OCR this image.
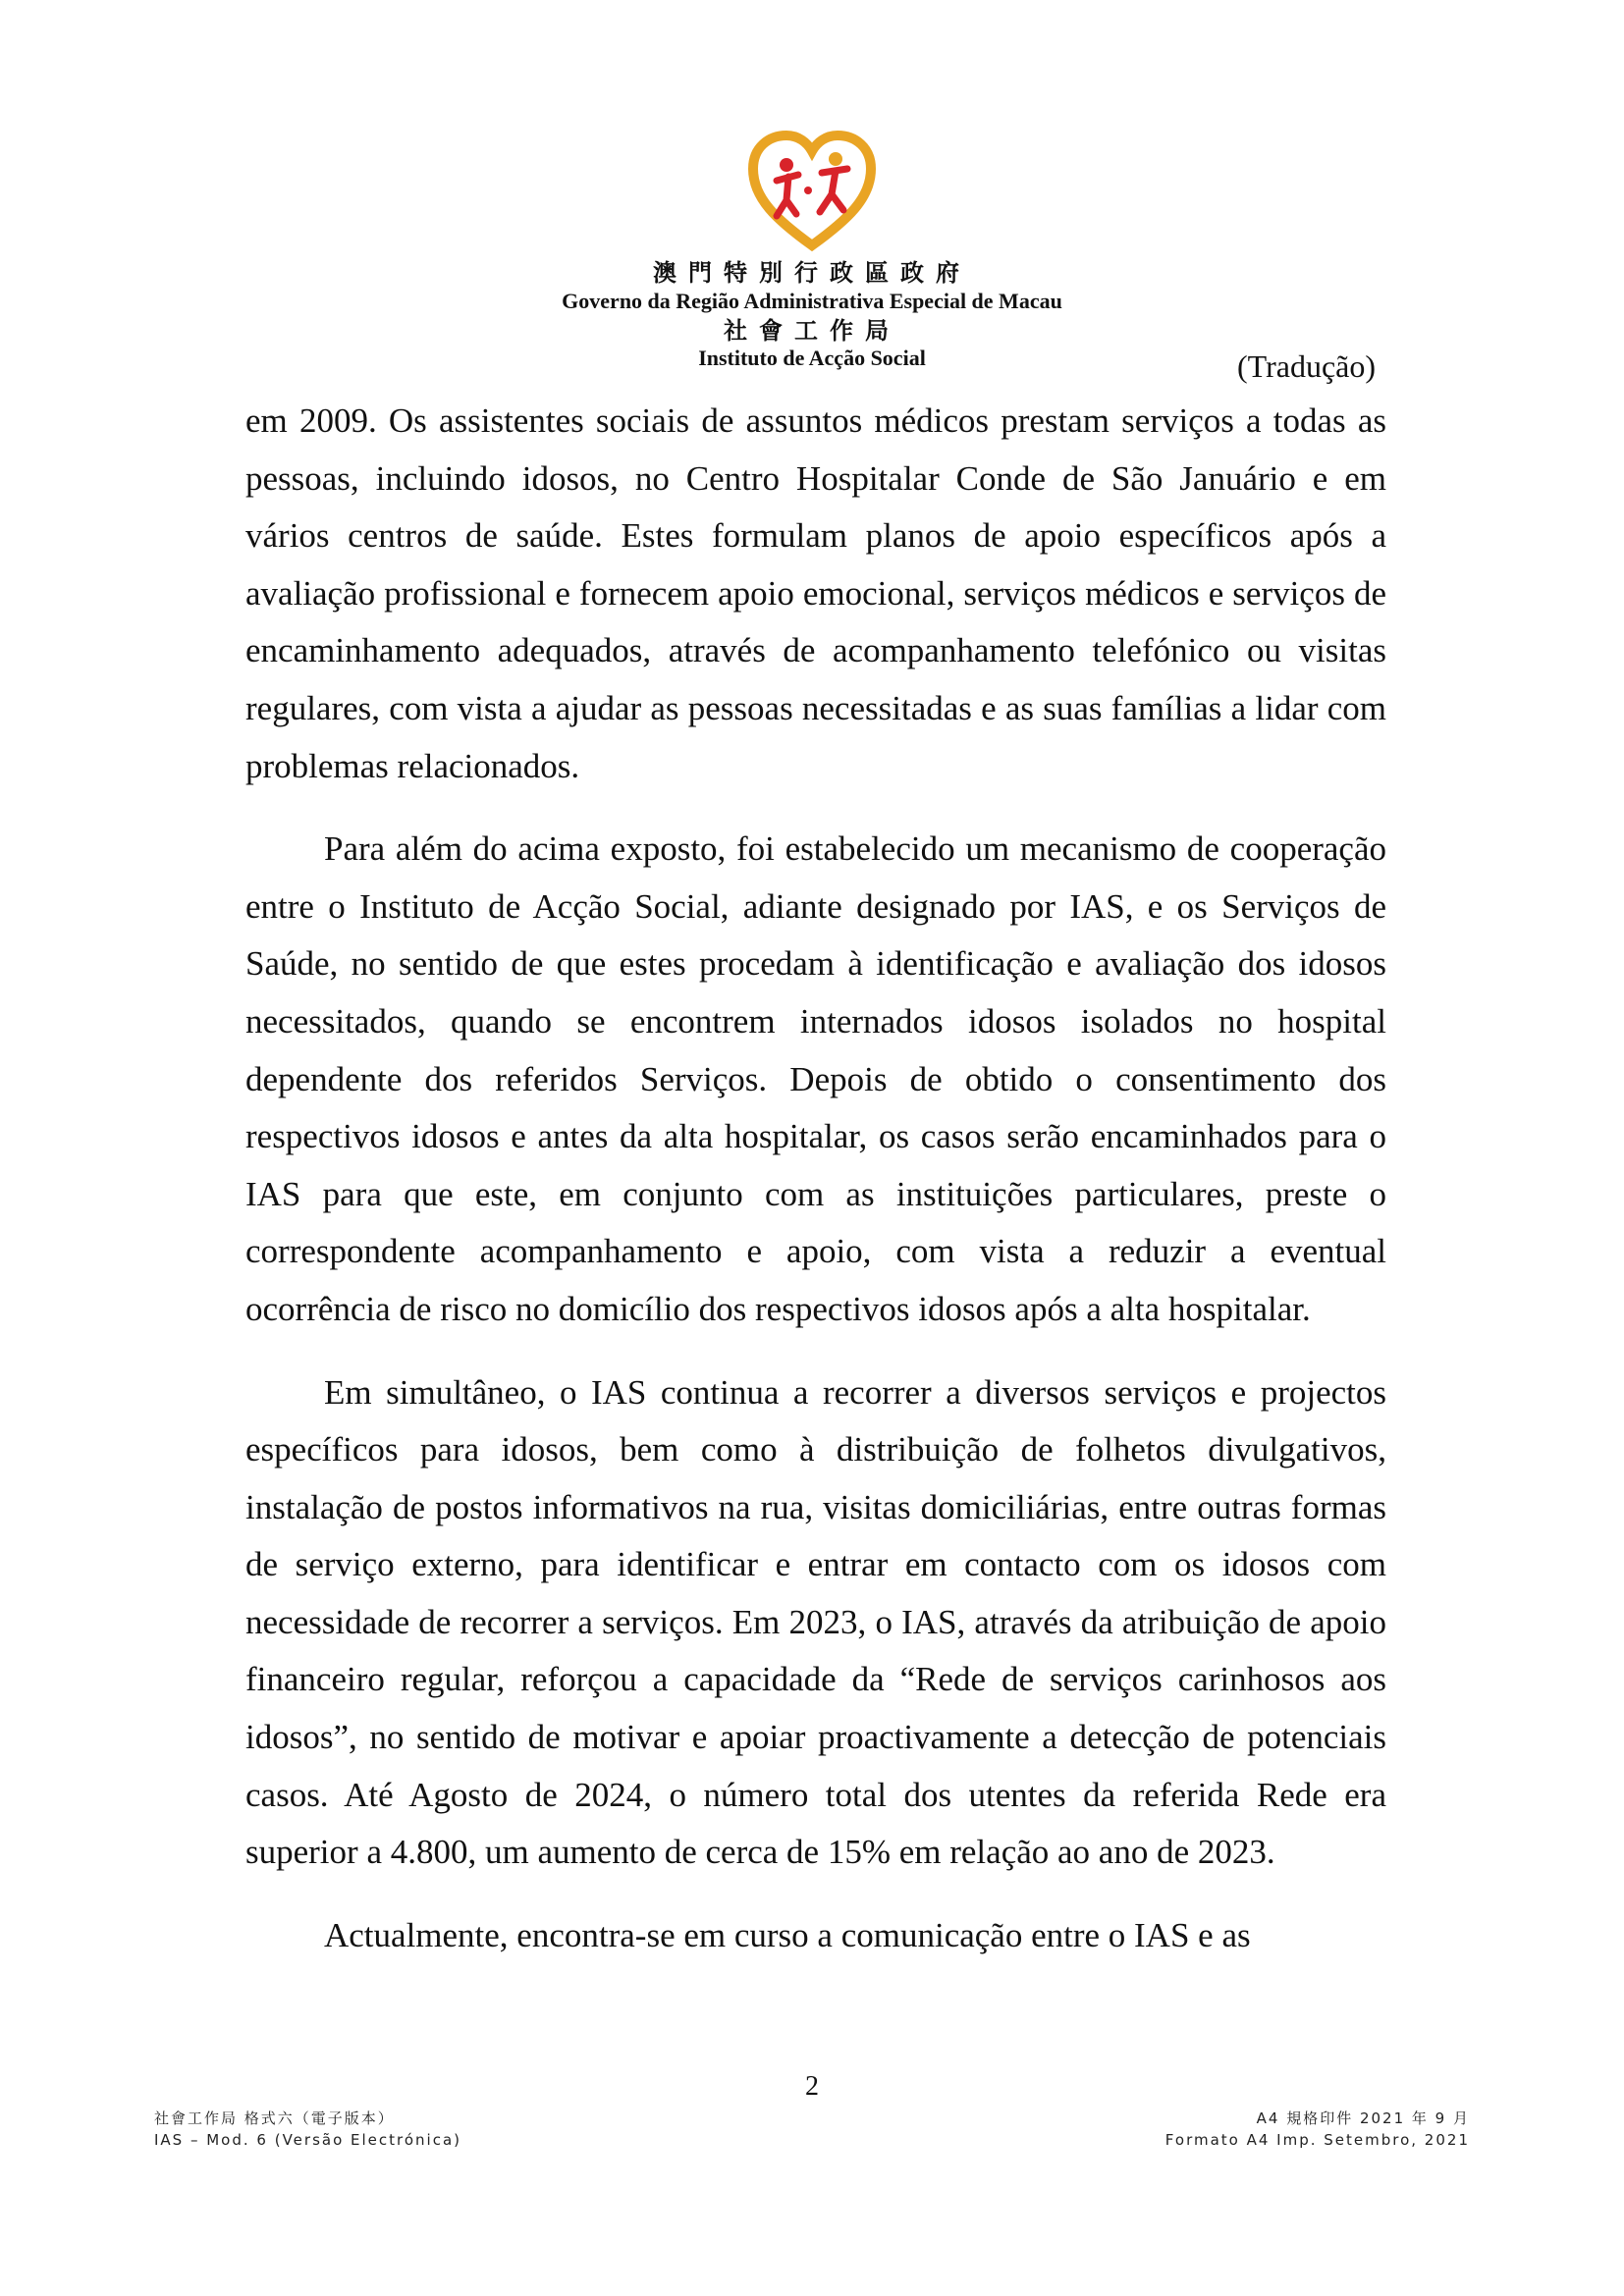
澳門特別行政區政府
Governo da Região Administrativa Especial de Macau
社會工作局
Instituto de Acção Social	(Tradução)

em 2009. Os assistentes sociais de assuntos médicos prestam serviços a todas as pessoas, incluindo idosos, no Centro Hospitalar Conde de São Januário e em vários centros de saúde. Estes formulam planos de apoio específicos após a avaliação profissional e fornecem apoio emocional, serviços médicos e serviços de encaminhamento adequados, através de acompanhamento telefónico ou visitas regulares, com vista a ajudar as pessoas necessitadas e as suas famílias a lidar com problemas relacionados.

Para além do acima exposto, foi estabelecido um mecanismo de cooperação entre o Instituto de Acção Social, adiante designado por IAS, e os Serviços de Saúde, no sentido de que estes procedam à identificação e avaliação dos idosos necessitados, quando se encontrem internados idosos isolados no hospital dependente dos referidos Serviços. Depois de obtido o consentimento dos respectivos idosos e antes da alta hospitalar, os casos serão encaminhados para o IAS para que este, em conjunto com as instituições particulares, preste o correspondente acompanhamento e apoio, com vista a reduzir a eventual ocorrência de risco no domicílio dos respectivos idosos após a alta hospitalar.

Em simultâneo, o IAS continua a recorrer a diversos serviços e projectos específicos para idosos, bem como à distribuição de folhetos divulgativos, instalação de postos informativos na rua, visitas domiciliárias, entre outras formas de serviço externo, para identificar e entrar em contacto com os idosos com necessidade de recorrer a serviços. Em 2023, o IAS, através da atribuição de apoio financeiro regular, reforçou a capacidade da “Rede de serviços carinhosos aos idosos”, no sentido de motivar e apoiar proactivamente a detecção de potenciais casos. Até Agosto de 2024, o número total dos utentes da referida Rede era superior a 4.800, um aumento de cerca de 15% em relação ao ano de 2023.

Actualmente, encontra-se em curso a comunicação entre o IAS e as

2
社會工作局 格式六（電子版本）
IAS – Mod. 6 (Versão Electrónica)
A4 規格印件 2021 年 9 月
Formato A4 Imp. Setembro, 2021
